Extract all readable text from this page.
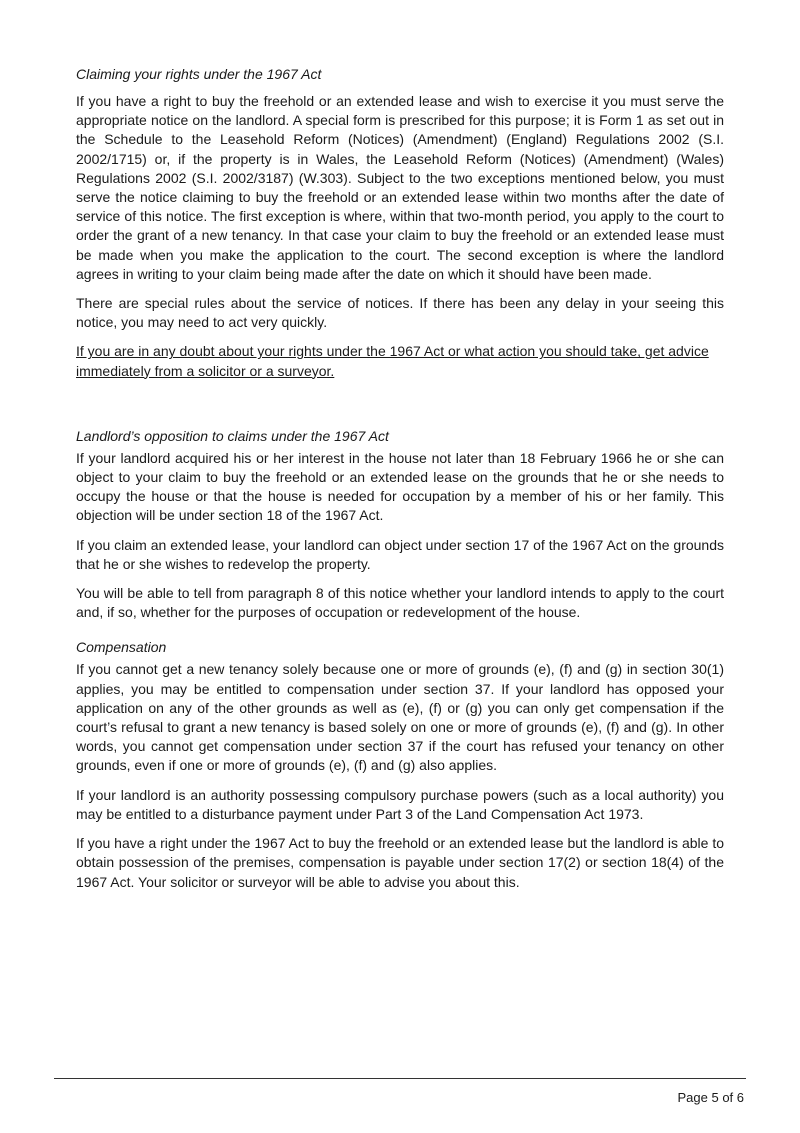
Claiming your rights under the 1967 Act

If you have a right to buy the freehold or an extended lease and wish to exercise it you must serve the appropriate notice on the landlord. A special form is prescribed for this purpose; it is Form 1 as set out in the Schedule to the Leasehold Reform (Notices) (Amendment) (England) Regulations 2002 (S.I. 2002/1715) or, if the property is in Wales, the Leasehold Reform (Notices) (Amendment) (Wales) Regulations 2002 (S.I. 2002/3187) (W.303). Subject to the two exceptions mentioned below, you must serve the notice claiming to buy the freehold or an extended lease within two months after the date of service of this notice. The first exception is where, within that two-month period, you apply to the court to order the grant of a new tenancy. In that case your claim to buy the freehold or an extended lease must be made when you make the application to the court. The second exception is where the landlord agrees in writing to your claim being made after the date on which it should have been made.

There are special rules about the service of notices. If there has been any delay in your seeing this notice, you may need to act very quickly.

If you are in any doubt about your rights under the 1967 Act or what action you should take, get advice immediately from a solicitor or a surveyor.

Landlord’s opposition to claims under the 1967 Act

If your landlord acquired his or her interest in the house not later than 18 February 1966 he or she can object to your claim to buy the freehold or an extended lease on the grounds that he or she needs to occupy the house or that the house is needed for occupation by a member of his or her family. This objection will be under section 18 of the 1967 Act.

If you claim an extended lease, your landlord can object under section 17 of the 1967 Act on the grounds that he or she wishes to redevelop the property.

You will be able to tell from paragraph 8 of this notice whether your landlord intends to apply to the court and, if so, whether for the purposes of occupation or redevelopment of the house.

Compensation

If you cannot get a new tenancy solely because one or more of grounds (e), (f) and (g) in section 30(1) applies, you may be entitled to compensation under section 37. If your landlord has opposed your application on any of the other grounds as well as (e), (f) or (g) you can only get compensation if the court’s refusal to grant a new tenancy is based solely on one or more of grounds (e), (f) and (g). In other words, you cannot get compensation under section 37 if the court has refused your tenancy on other grounds, even if one or more of grounds (e), (f) and (g) also applies.

If your landlord is an authority possessing compulsory purchase powers (such as a local authority) you may be entitled to a disturbance payment under Part 3 of the Land Compensation Act 1973.

If you have a right under the 1967 Act to buy the freehold or an extended lease but the landlord is able to obtain possession of the premises, compensation is payable under section 17(2) or section 18(4) of the 1967 Act. Your solicitor or surveyor will be able to advise you about this.

Page 5 of 6
